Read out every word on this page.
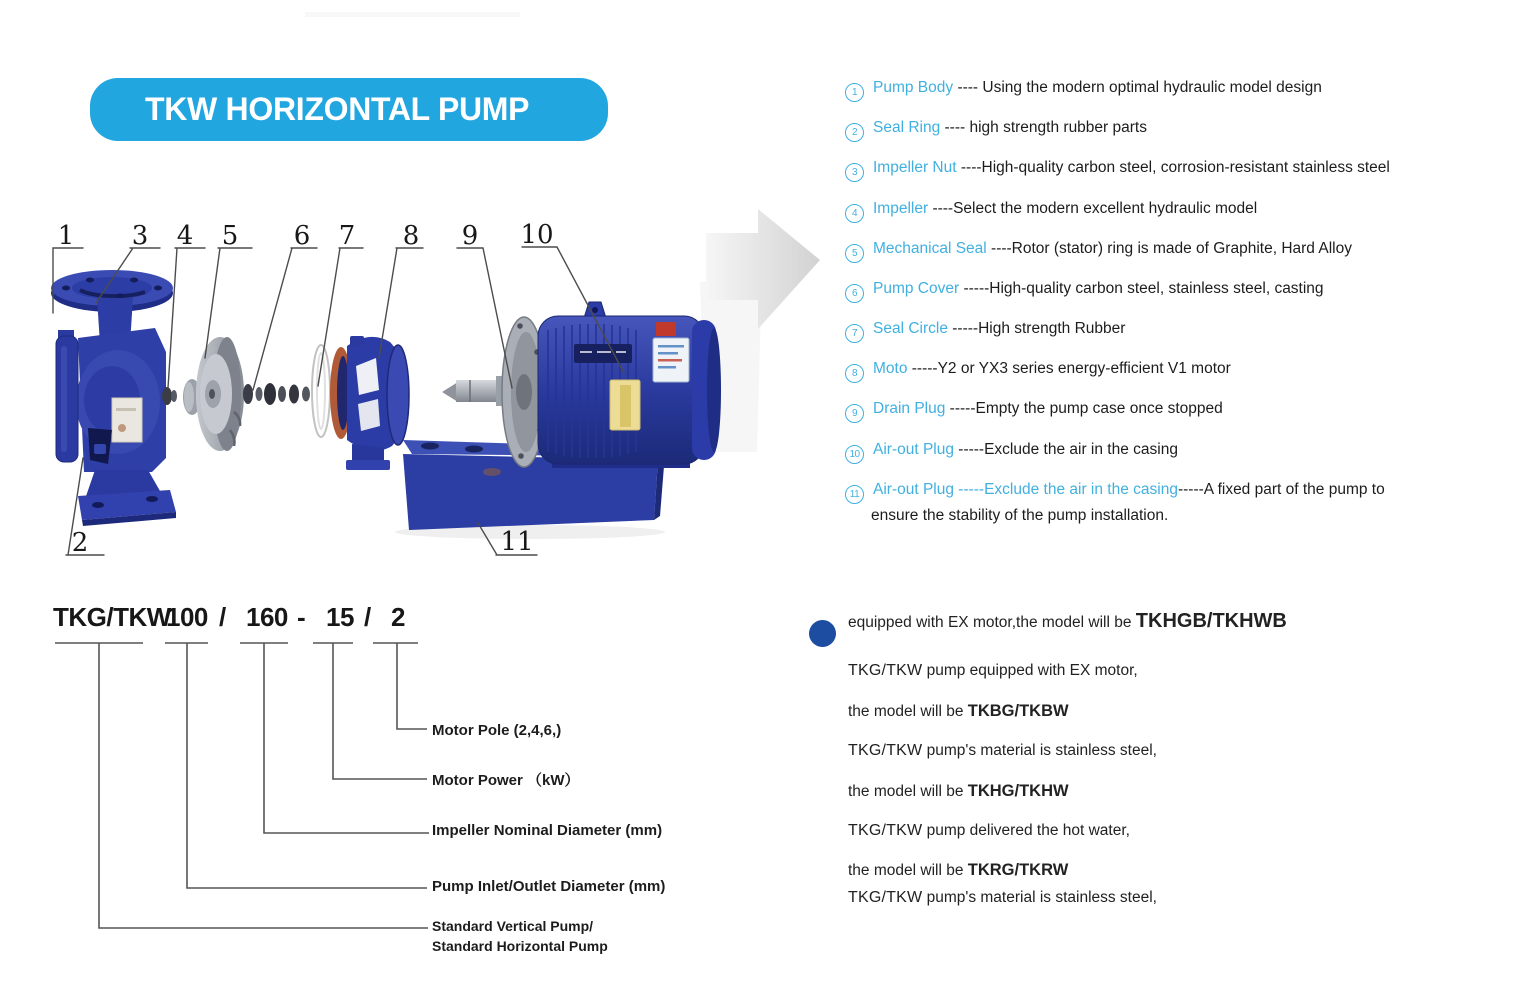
TKW HORIZONTAL PUMP
1 3 4 5 6 7 8 9 10
2	11
1 Pump Body ---- Using the modern optimal hydraulic model design
2 Seal Ring ---- high strength rubber parts
3 Impeller Nut ----High-quality carbon steel, corrosion-resistant stainless steel
4 Impeller ----Select the modern excellent hydraulic model
5 Mechanical Seal ----Rotor (stator) ring is made of Graphite, Hard Alloy
6 Pump Cover -----High-quality carbon steel, stainless steel, casting
7 Seal Circle -----High strength Rubber
8 Moto -----Y2 or YX3 series energy-efficient V1 motor
9 Drain Plug -----Empty the pump case once stopped
10 Air-out Plug -----Exclude the air in the casing
11 Air-out Plug -----Exclude the air in the casing-----A fixed part of the pump to
ensure the stability of the pump installation.
TKG/TKW
100 / 160 - 15 / 2
Motor Pole (2,4,6,)
Motor Power （kW）
Impeller Nominal Diameter (mm)
Pump Inlet/Outlet Diameter (mm)
Standard Vertical Pump/
Standard Horizontal Pump
TKG/TKW pump equipped with EX motor,
the model will be TKBG/TKBW
TKG/TKW pump's material is stainless steel,
the model will be TKHG/TKHW
TKG/TKW pump delivered the hot water,
the model will be TKRG/TKRW
TKG/TKW pump's material is stainless steel,
equipped with EX motor,the model will be TKHGB/TKHWB
